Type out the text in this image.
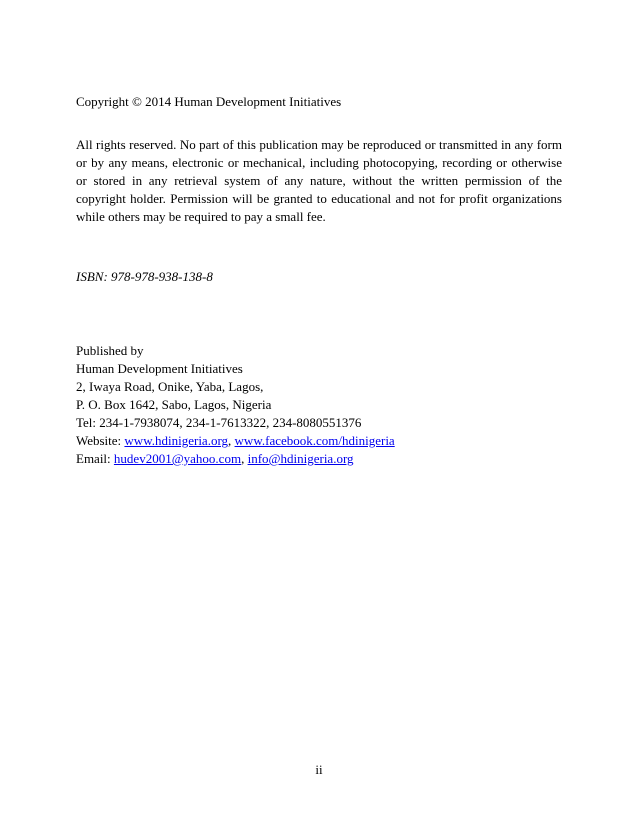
Copyright © 2014 Human Development Initiatives

All rights reserved. No part of this publication may be reproduced or transmitted in any form or by any means, electronic or mechanical, including photocopying, recording or otherwise or stored in any retrieval system of any nature, without the written permission of the copyright holder. Permission will be granted to educational and not for profit organizations while others may be required to pay a small fee.

ISBN: 978-978-938-138-8

Published by
Human Development Initiatives
2, Iwaya Road, Onike, Yaba, Lagos,
P. O. Box 1642, Sabo, Lagos, Nigeria
Tel: 234-1-7938074, 234-1-7613322, 234-8080551376
Website: www.hdinigeria.org, www.facebook.com/hdinigeria
Email: hudev2001@yahoo.com, info@hdinigeria.org
ii
